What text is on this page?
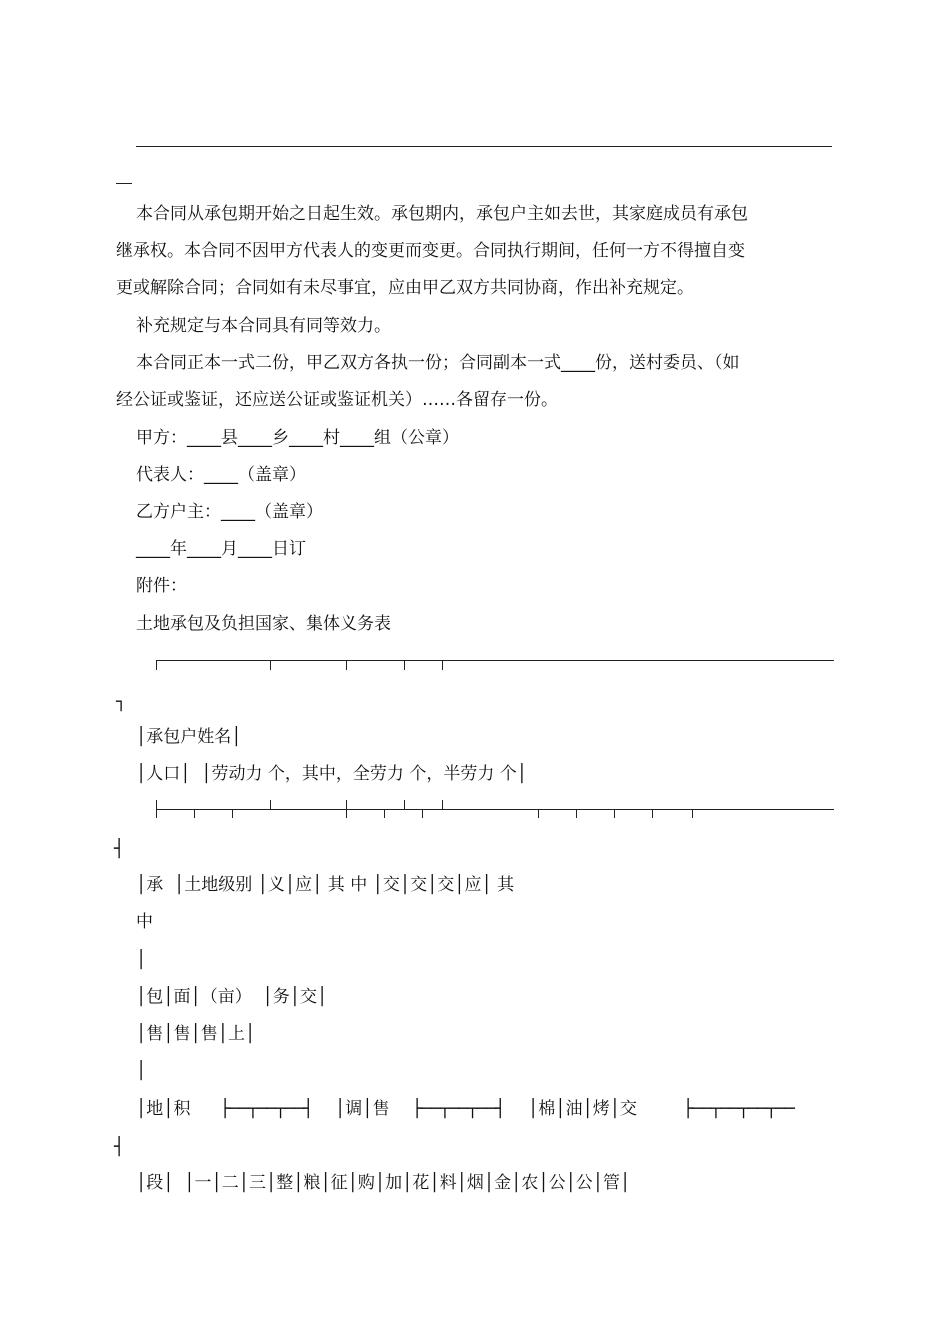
本合同从承包期开始之日起生效。承包期内，承包户主如去世，其家庭成员有承包
继承权。本合同不因甲方代表人的变更而变更。合同执行期间，任何一方不得擅自变
更或解除合同；合同如有未尽事宜，应由甲乙双方共同协商，作出补充规定。
补充规定与本合同具有同等效力。
本合同正本一式二份，甲乙双方各执一份；合同副本一式____份，送村委员、（如
经公证或鉴证，还应送公证或鉴证机关）……各留存一份。
甲方：____县____乡____村____组（公章）
代表人：____（盖章）
乙方户主：____（盖章）
____年____月____日订
附件：
土地承包及负担国家、集体义务表
┐
│承包户姓名│
│人口│  │劳动力 个，其中，全劳力 个，半劳力 个│
┤
│承  │土地级别 │义│应│ 其 中 │交│交│交│应│ 其
中
│
│包│面│（亩）  │务│交│
│售│售│售│上│
│
│地│积 ├──┬──┬──┤ │调│售 ├──┬──┬──┤ │棉│油│烤│交	├──┬──┬──┬──
┤
│段│  │一│二│三│整│粮│征│购│加│花│料│烟│金│农│公│公│管│
